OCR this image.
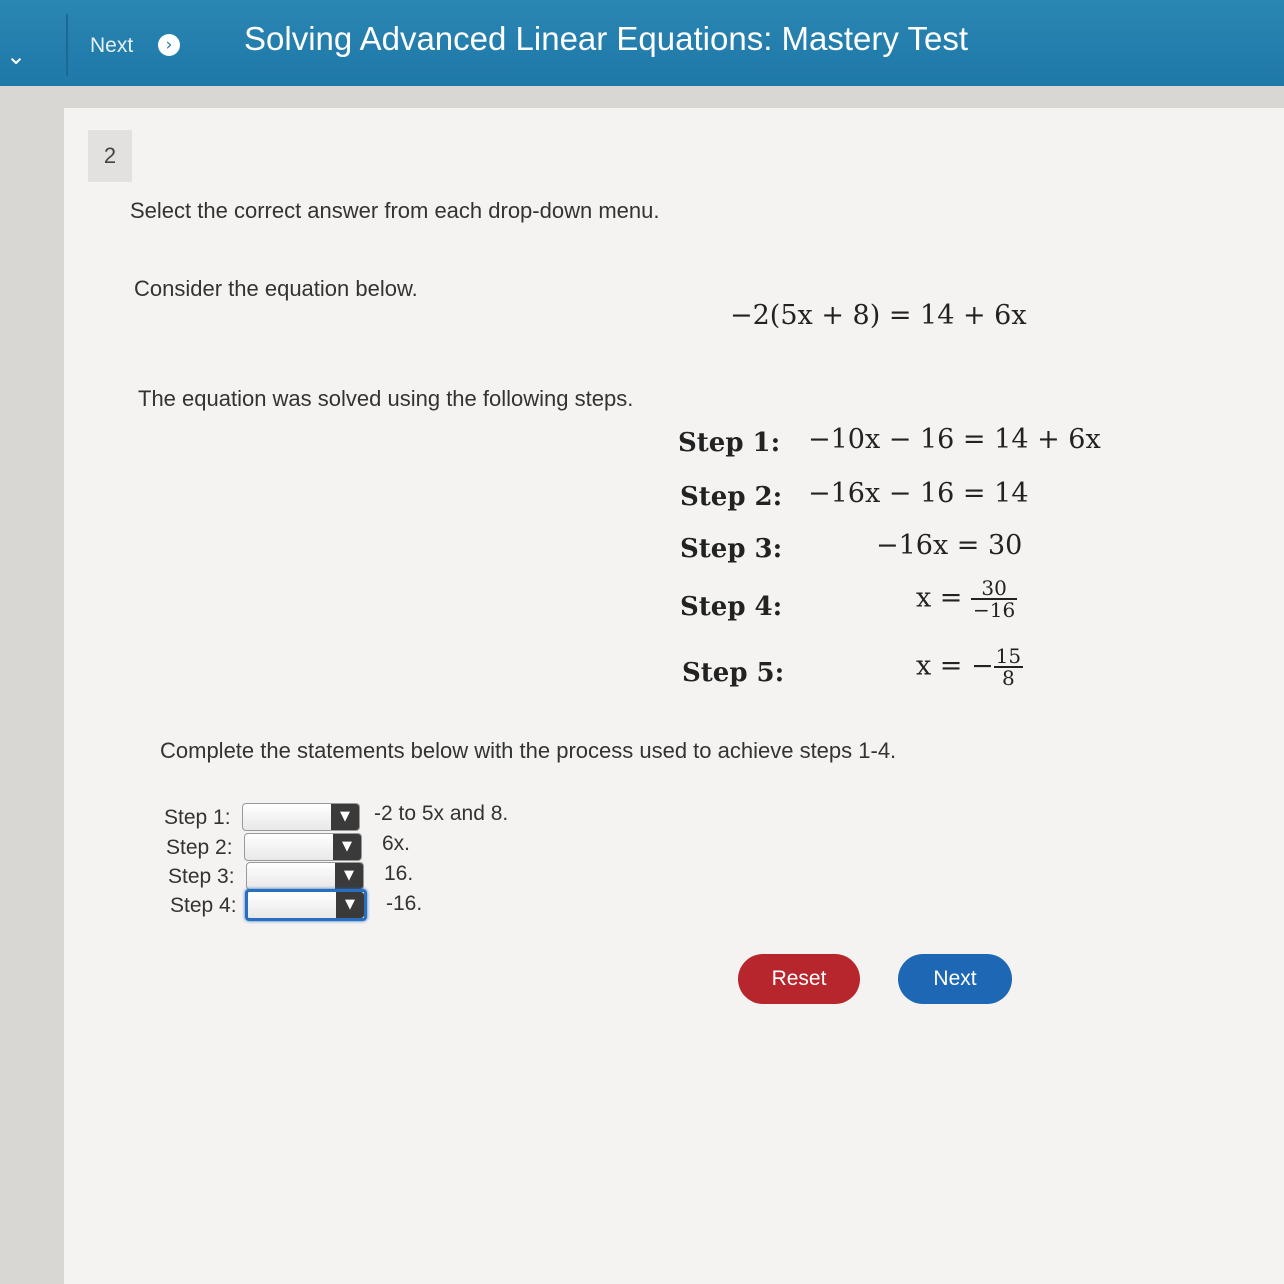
⌄	Next	› Solving Advanced Linear Equations: Mastery Test
2
Select the correct answer from each drop-down menu.
Consider the equation below.
−2(5x + 8) = 14 + 6x
The equation was solved using the following steps.
Step 1: −10x − 16 = 14 + 6x
Step 2: −16x − 16 = 14
Step 3:	−16x = 30
Step 4:	$x = \frac{30}{-16}$
Step 5:	x = − $\frac{15}{8}$
Complete the statements below with the process used to achieve steps 1-4.
Step 1:	▼	-2 to 5x and 8.
Step 2:	▼	6x.
Step 3:	▼	16.
Step 4:	▼	-16.
Reset	Next
